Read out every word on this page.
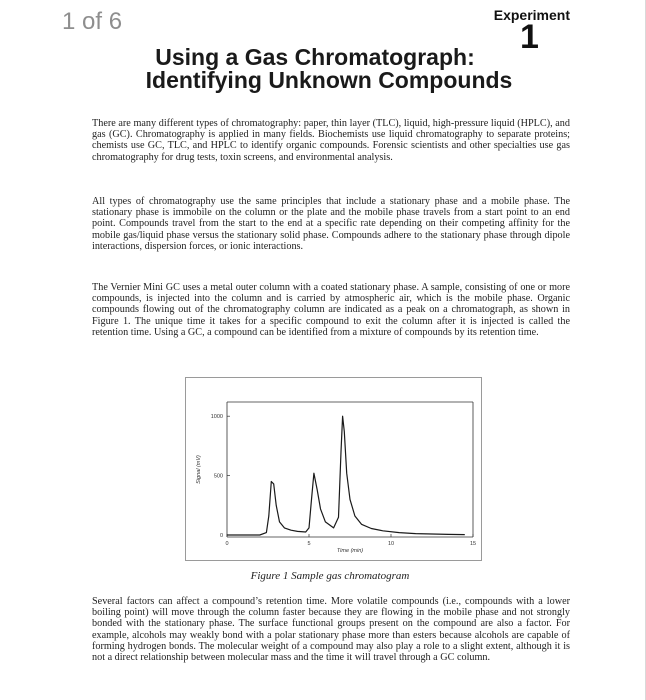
1 of 6	Experiment
1
Using a Gas Chromatograph:
Identifying Unknown Compounds
There are many different types of chromatography: paper, thin layer (TLC), liquid, high-pressure liquid (HPLC), and gas (GC). Chromatography is applied in many fields. Biochemists use liquid chromatography to separate proteins; chemists use GC, TLC, and HPLC to identify organic compounds. Forensic scientists and other specialties use gas chromatography for drug tests, toxin screens, and environmental analysis.
All types of chromatography use the same principles that include a stationary phase and a mobile phase. The stationary phase is immobile on the column or the plate and the mobile phase travels from a start point to an end point. Compounds travel from the start to the end at a specific rate depending on their competing affinity for the mobile gas/liquid phase versus the stationary solid phase. Compounds adhere to the stationary phase through dipole interactions, dispersion forces, or ionic interactions.
The Vernier Mini GC uses a metal outer column with a coated stationary phase. A sample, consisting of one or more compounds, is injected into the column and is carried by atmospheric air, which is the mobile phase. Organic compounds flowing out of the chromatography column are indicated as a peak on a chromatograph, as shown in Figure 1. The unique time it takes for a specific compound to exit the column after it is injected is called the retention time. Using a GC, a compound can be identified from a mixture of compounds by its retention time.
0	5	10	15
0
500
1000
Time (min)
Signal (mV)
Figure 1 Sample gas chromatogram
Several factors can affect a compound’s retention time. More volatile compounds (i.e., compounds with a lower boiling point) will move through the column faster because they are flowing in the mobile phase and not strongly bonded with the stationary phase. The surface functional groups present on the compound are also a factor. For example, alcohols may weakly bond with a polar stationary phase more than esters because alcohols are capable of forming hydrogen bonds. The molecular weight of a compound may also play a role to a slight extent, although it is not a direct relationship between molecular mass and the time it will travel through a GC column.
